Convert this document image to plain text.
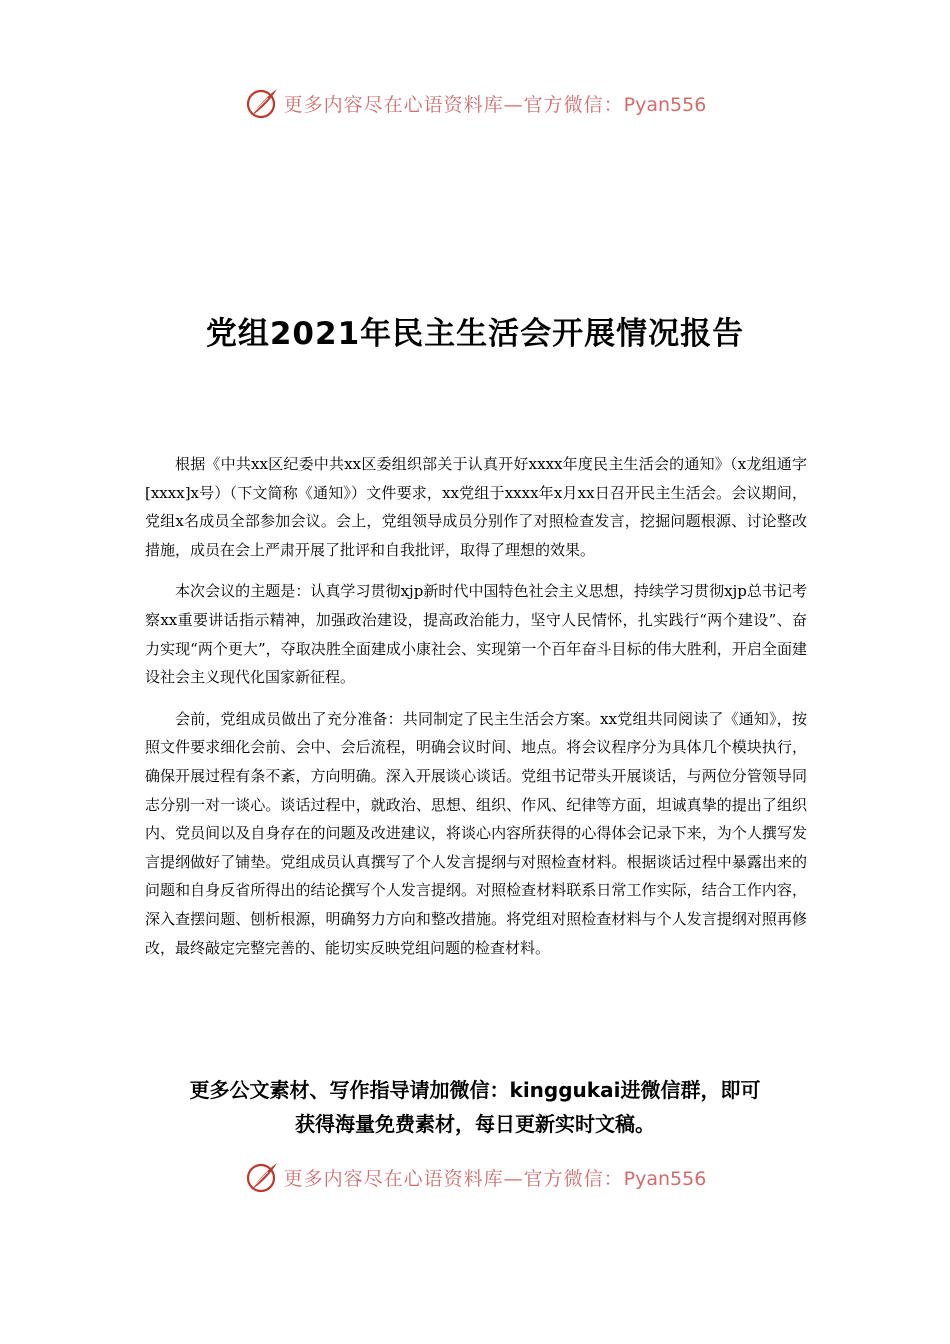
更多内容尽在心语资料库—官方微信：Pyan556
党组2021年民主生活会开展情况报告

根据《中共xx区纪委中共xx区委组织部关于认真开好xxxx年度民主生活会的通知》（x龙组通字[xxxx]x号）（下文简称《通知》）文件要求，xx党组于xxxx年x月xx日召开民主生活会。会议期间，党组x名成员全部参加会议。会上，党组领导成员分别作了对照检查发言，挖掘问题根源、讨论整改措施，成员在会上严肃开展了批评和自我批评，取得了理想的效果。

本次会议的主题是：认真学习贯彻xjp新时代中国特色社会主义思想，持续学习贯彻xjp总书记考察xx重要讲话指示精神，加强政治建设，提高政治能力，坚守人民情怀，扎实践行“两个建设”、奋力实现“两个更大”，夺取决胜全面建成小康社会、实现第一个百年奋斗目标的伟大胜利，开启全面建设社会主义现代化国家新征程。

会前，党组成员做出了充分准备：共同制定了民主生活会方案。xx党组共同阅读了《通知》，按照文件要求细化会前、会中、会后流程，明确会议时间、地点。将会议程序分为具体几个模块执行，确保开展过程有条不紊，方向明确。深入开展谈心谈话。党组书记带头开展谈话，与两位分管领导同志分别一对一谈心。谈话过程中，就政治、思想、组织、作风、纪律等方面，坦诚真挚的提出了组织内、党员间以及自身存在的问题及改进建议，将谈心内容所获得的心得体会记录下来，为个人撰写发言提纲做好了铺垫。党组成员认真撰写了个人发言提纲与对照检查材料。根据谈话过程中暴露出来的问题和自身反省所得出的结论撰写个人发言提纲。对照检查材料联系日常工作实际，结合工作内容，深入查摆问题、刨析根源，明确努力方向和整改措施。将党组对照检查材料与个人发言提纲对照再修改，最终敲定完整完善的、能切实反映党组问题的检查材料。

更多公文素材、写作指导请加微信：kinggukai进微信群，即可
获得海量免费素材，每日更新实时文稿。
更多内容尽在心语资料库—官方微信：Pyan556
